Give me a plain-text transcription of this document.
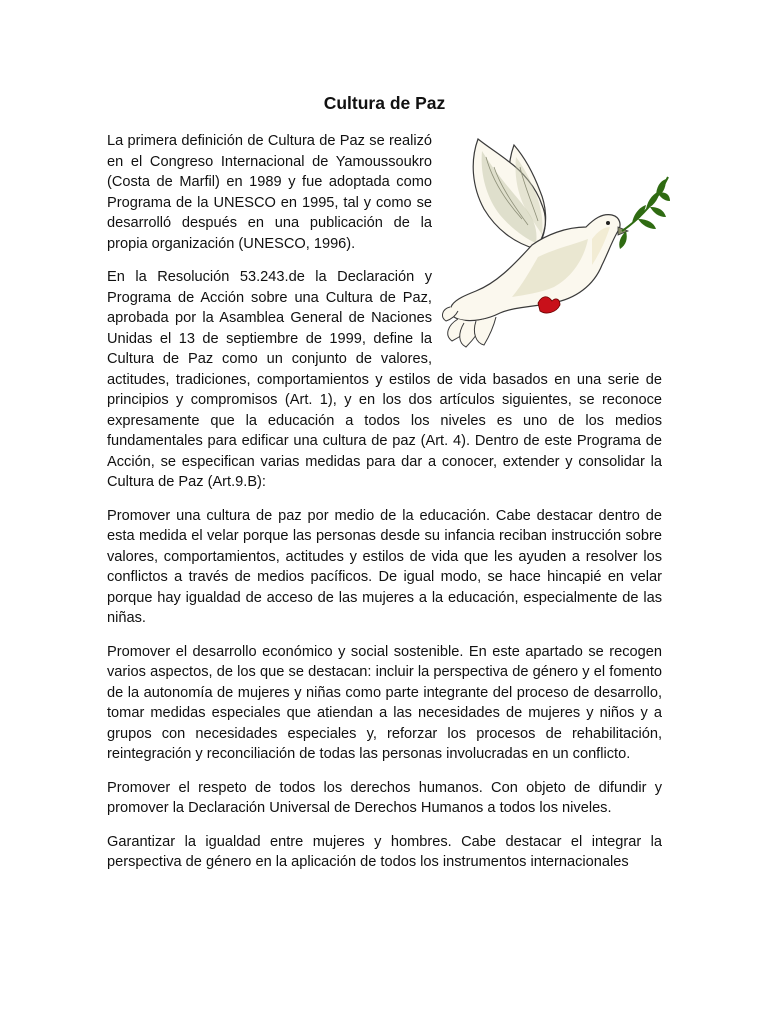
Cultura de Paz

La primera definición de Cultura de Paz se realizó en el Congreso Internacional de Yamoussoukro (Costa de Marfil) en 1989 y fue adoptada como Programa de la UNESCO en 1995, tal y como se desarrolló después en una publicación de la propia organización (UNESCO, 1996).

En la Resolución 53.243.de la Declaración y Programa de Acción sobre una Cultura de Paz, aprobada por la Asamblea General de Naciones Unidas el 13 de septiembre de 1999, define la Cultura de Paz como un conjunto de valores, actitudes, tradiciones, comportamientos y estilos de vida basados en una serie de principios y compromisos (Art. 1), y en los dos artículos siguientes, se reconoce expresamente que la educación a todos los niveles es uno de los medios fundamentales para edificar una cultura de paz (Art. 4). Dentro de este Programa de Acción, se especifican varias medidas para dar a conocer, extender y consolidar la Cultura de Paz (Art.9.B):

Promover una cultura de paz por medio de la educación. Cabe destacar dentro de esta medida el velar porque las personas desde su infancia reciban instrucción sobre valores, comportamientos, actitudes y estilos de vida que les ayuden a resolver los conflictos a través de medios pacíficos. De igual modo, se hace hincapié en velar porque hay igualdad de acceso de las mujeres a la educación, especialmente de las niñas.

Promover el desarrollo económico y social sostenible. En este apartado se recogen varios aspectos, de los que se destacan: incluir la perspectiva de género y el fomento de la autonomía de mujeres y niñas como parte integrante del proceso de desarrollo, tomar medidas especiales que atiendan a las necesidades de mujeres y niños y a grupos con necesidades especiales y, reforzar los procesos de rehabilitación, reintegración y reconciliación de todas las personas involucradas en un conflicto.

Promover el respeto de todos los derechos humanos. Con objeto de difundir y promover la Declaración Universal de Derechos Humanos a todos los niveles.

Garantizar la igualdad entre mujeres y hombres. Cabe destacar el integrar la perspectiva de género en la aplicación de todos los instrumentos internacionales
